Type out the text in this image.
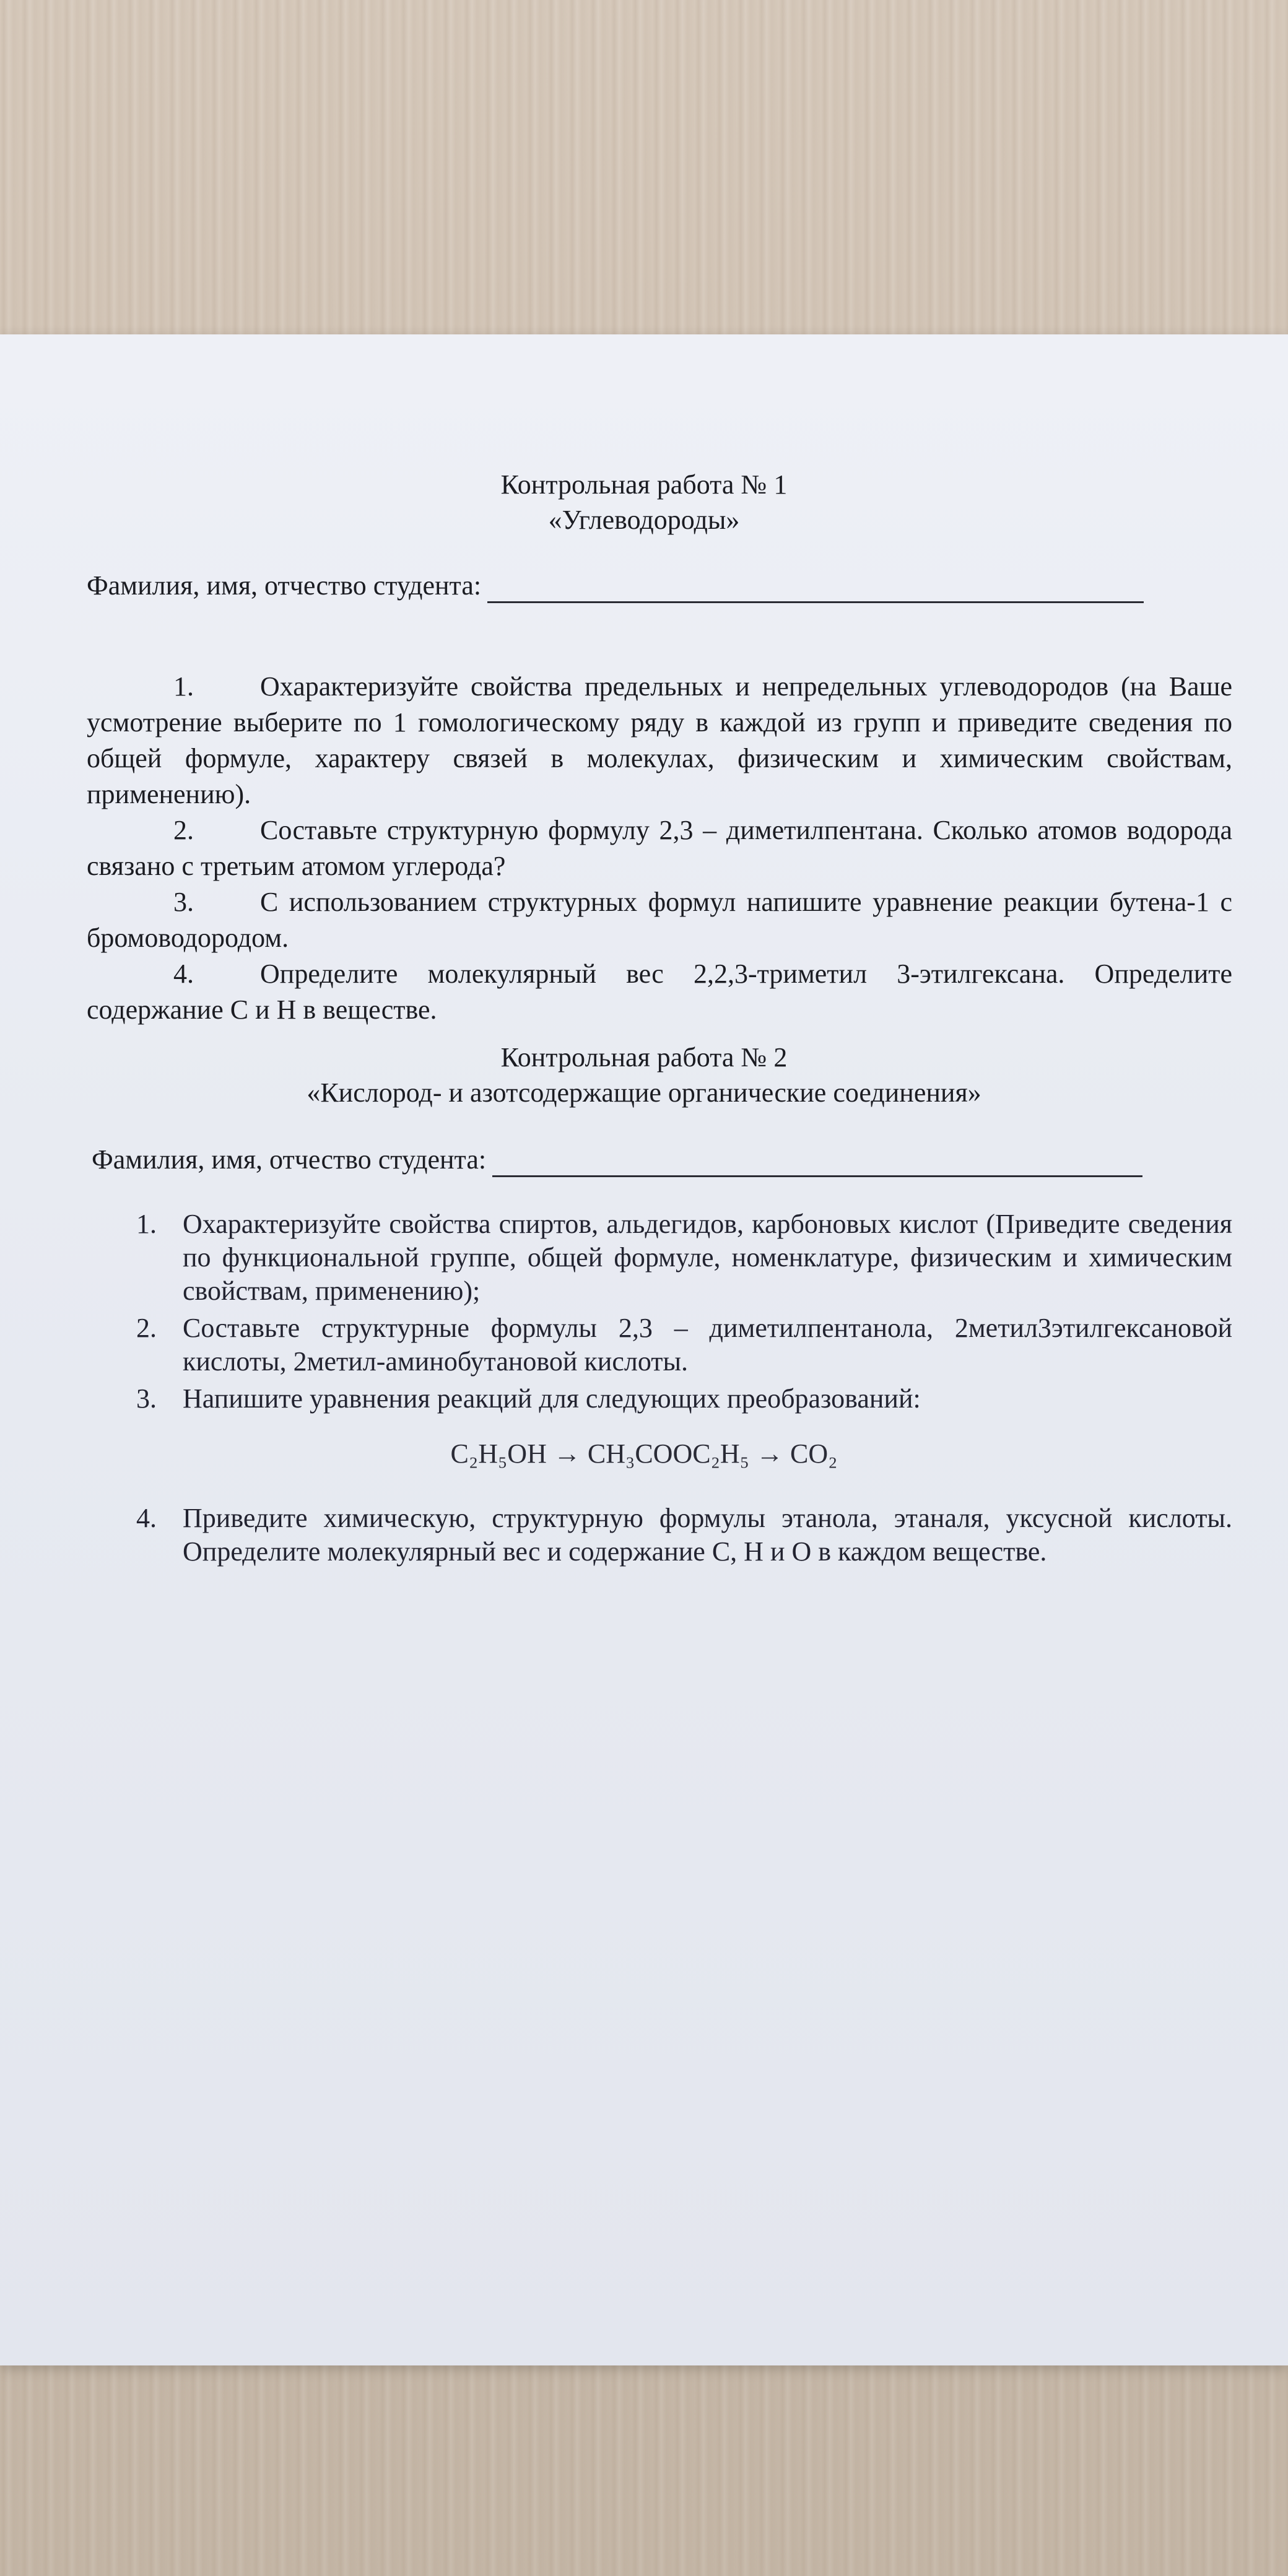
Контрольная работа № 1
«Углеводороды»
Фамилия, имя, отчество студента:

1. Охарактеризуйте свойства предельных и непредельных углеводородов (на Ваше усмотрение выберите по 1 гомологическому ряду в каждой из групп и приведите сведения по общей формуле, характеру связей в молекулах, физическим и химическим свойствам, применению).

2. Составьте структурную формулу 2,3 – диметилпентана. Сколько атомов водорода связано с третьим атомом углерода?

3. С использованием структурных формул напишите уравнение реакции бутена-1 с бромоводородом.

4. Определите молекулярный вес 2,2,3-триметил 3-этилгексана. Определите содержание С и Н в веществе.

Контрольная работа № 2
«Кислород- и азотсодержащие органические соединения»
Фамилия, имя, отчество студента:
1. Охарактеризуйте свойства спиртов, альдегидов, карбоновых кислот (Приведите сведения по функциональной группе, общей формуле, номенклатуре, физическим и химическим свойствам, применению);
2. Составьте структурные формулы 2,3 – диметилпентанола, 2метил3этилгексановой кислоты, 2метил-аминобутановой кислоты.
3. Напишите уравнения реакций для следующих преобразований:
C₂H₅OH → CH₃COOC₂H₅ → CO₂
4. Приведите химическую, структурную формулы этанола, этаналя, уксусной кислоты. Определите молекулярный вес и содержание С, Н и О в каждом веществе.
